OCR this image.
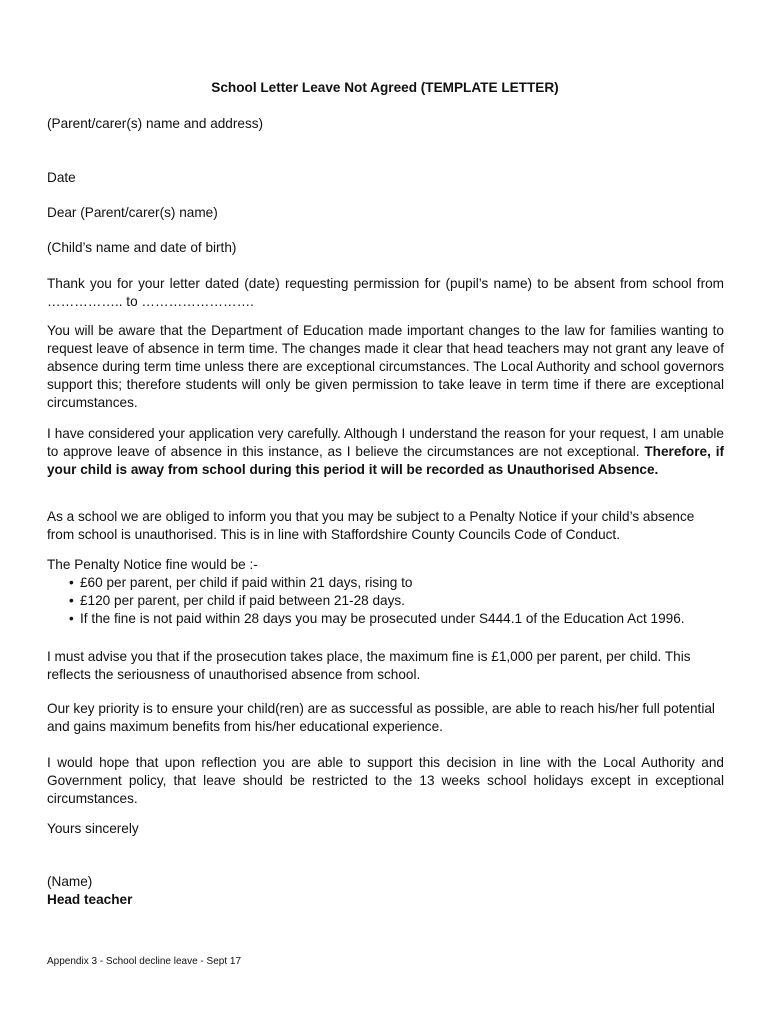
School Letter Leave Not Agreed (TEMPLATE LETTER)

(Parent/carer(s) name and address)

Date

Dear (Parent/carer(s) name)

(Child’s name and date of birth)

Thank you for your letter dated (date) requesting permission for (pupil’s name) to be absent from school from …………….. to …………………….

You will be aware that the Department of Education made important changes to the law for families wanting to request leave of absence in term time. The changes made it clear that head teachers may not grant any leave of absence during term time unless there are exceptional circumstances. The Local Authority and school governors support this; therefore students will only be given permission to take leave in term time if there are exceptional circumstances.

I have considered your application very carefully. Although I understand the reason for your request, I am unable to approve leave of absence in this instance, as I believe the circumstances are not exceptional. Therefore, if your child is away from school during this period it will be recorded as Unauthorised Absence.

As a school we are obliged to inform you that you may be subject to a Penalty Notice if your child’s absence from school is unauthorised. This is in line with Staffordshire County Councils Code of Conduct.

The Penalty Notice fine would be :-

• £60 per parent, per child if paid within 21 days, rising to
• £120 per parent, per child if paid between 21-28 days.
• If the fine is not paid within 28 days you may be prosecuted under S444.1 of the Education Act 1996.

I must advise you that if the prosecution takes place, the maximum fine is £1,000 per parent, per child. This reflects the seriousness of unauthorised absence from school.

Our key priority is to ensure your child(ren) are as successful as possible, are able to reach his/her full potential and gains maximum benefits from his/her educational experience.

I would hope that upon reflection you are able to support this decision in line with the Local Authority and Government policy, that leave should be restricted to the 13 weeks school holidays except in exceptional circumstances.

Yours sincerely

(Name)

Head teacher

Appendix 3 - School decline leave - Sept 17
